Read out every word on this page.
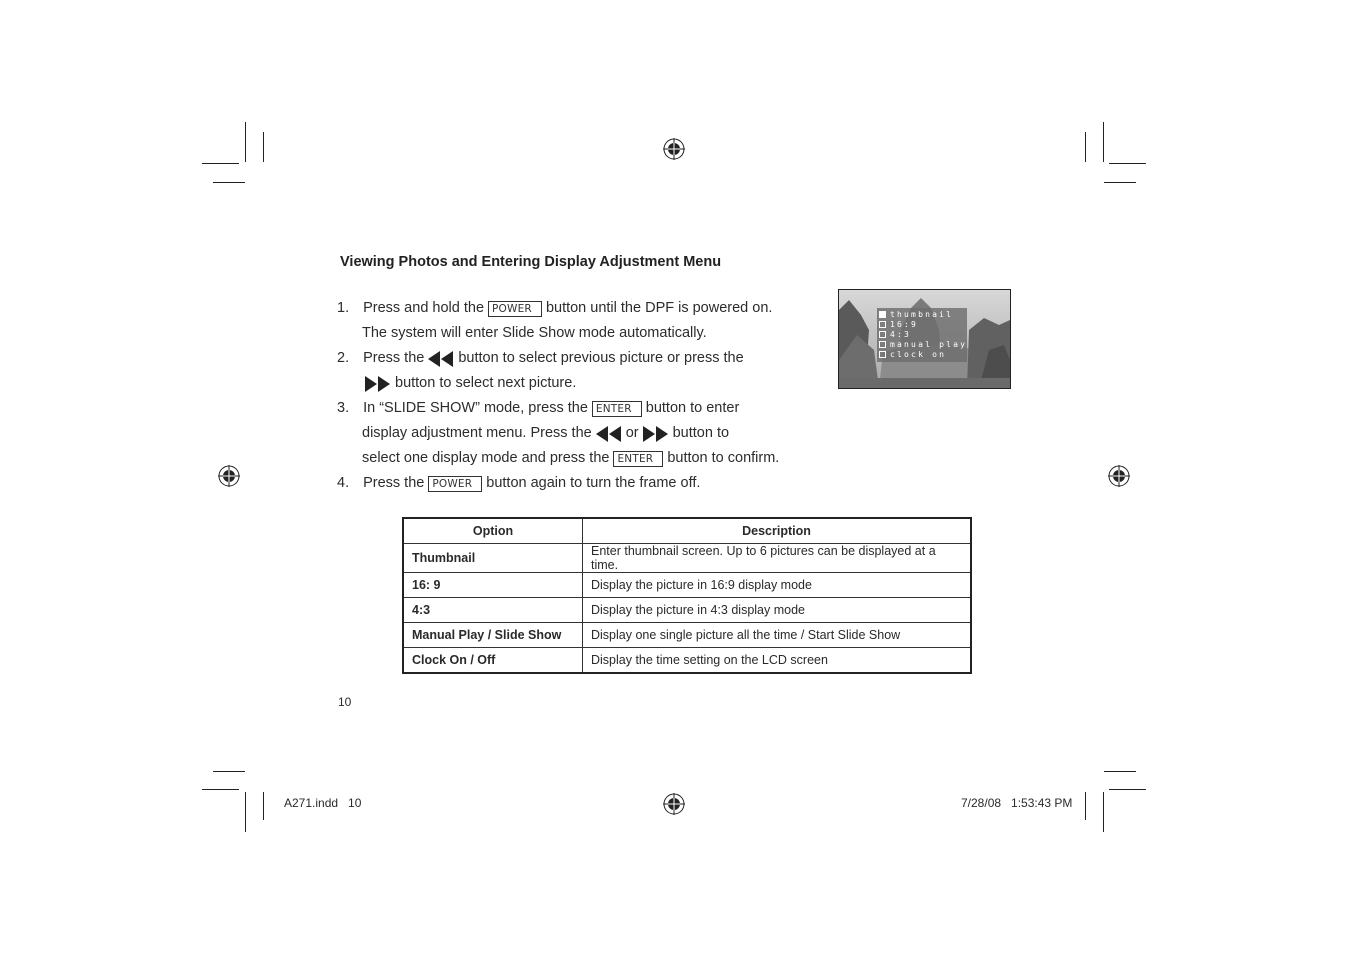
Viewing Photos and Entering Display Adjustment Menu
1. Press and hold the POWER button until the DPF is powered on.
The system will enter Slide Show mode automatically.
2. Press the button to select previous picture or press the
button to select next picture.
3. In “SLIDE SHOW” mode, press the ENTER button to enter
display adjustment menu. Press the or button to
select one display mode and press the ENTER button to confirm.
4. Press the POWER button again to turn the frame off.
thumbnail
16:9
4:3
manual play
clock on
Option	Description
Thumbnail	Enter thumbnail screen. Up to 6 pictures can be displayed at a time.
16: 9	Display the picture in 16:9 display mode
4:3	Display the picture in 4:3 display mode
Manual Play / Slide Show	Display one single picture all the time / Start Slide Show
Clock On / Off	Display the time setting on the LCD screen
10
A271.indd   10	7/28/08   1:53:43 PM
